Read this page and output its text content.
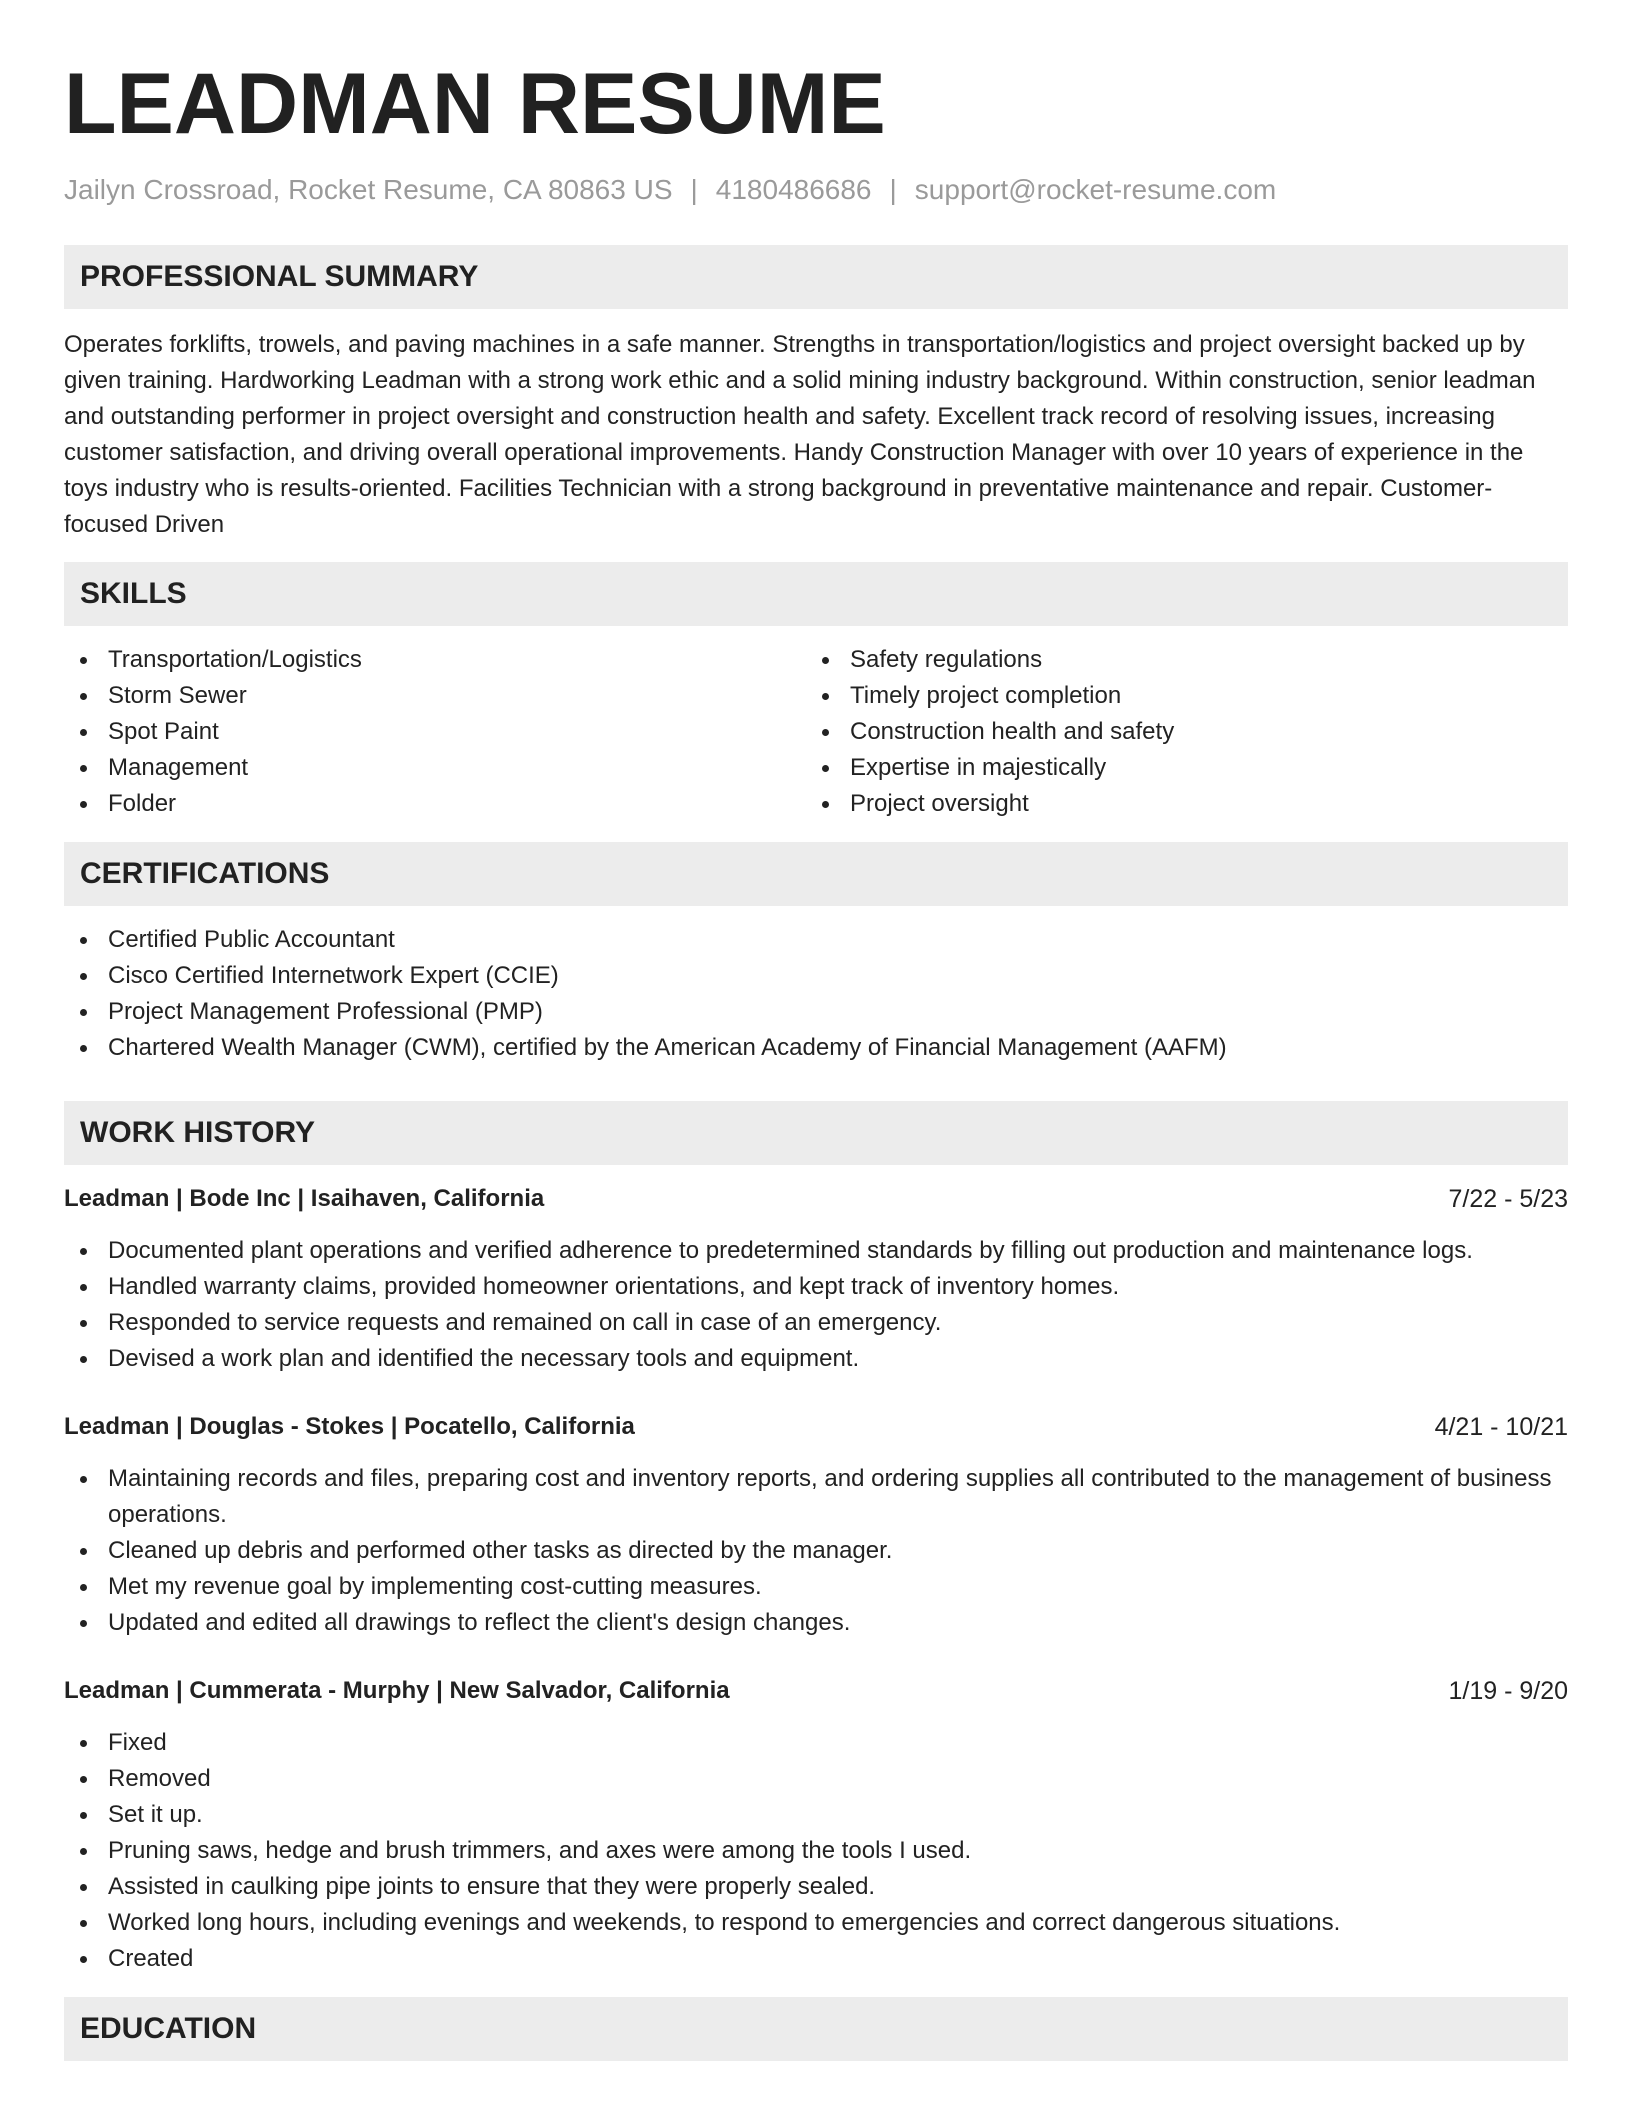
LEADMAN RESUME
Jailyn Crossroad, Rocket Resume, CA 80863 US | 4180486686 | support@rocket-resume.com
PROFESSIONAL SUMMARY

Operates forklifts, trowels, and paving machines in a safe manner. Strengths in transportation/logistics and project oversight backed up by given training. Hardworking Leadman with a strong work ethic and a solid mining industry background. Within construction, senior leadman and outstanding performer in project oversight and construction health and safety. Excellent track record of resolving issues, increasing customer satisfaction, and driving overall operational improvements. Handy Construction Manager with over 10 years of experience in the toys industry who is results-oriented. Facilities Technician with a strong background in preventative maintenance and repair. Customer-focused Driven

SKILLS
Transportation/Logistics
Storm Sewer
Spot Paint
Management
Folder
Safety regulations
Timely project completion
Construction health and safety
Expertise in majestically
Project oversight
CERTIFICATIONS
Certified Public Accountant
Cisco Certified Internetwork Expert (CCIE)
Project Management Professional (PMP)
Chartered Wealth Manager (CWM), certified by the American Academy of Financial Management (AAFM)
WORK HISTORY
Leadman | Bode Inc | Isaihaven, California	7/22 - 5/23
Documented plant operations and verified adherence to predetermined standards by filling out production and maintenance logs.
Handled warranty claims, provided homeowner orientations, and kept track of inventory homes.
Responded to service requests and remained on call in case of an emergency.
Devised a work plan and identified the necessary tools and equipment.
Leadman | Douglas - Stokes | Pocatello, California	4/21 - 10/21
Maintaining records and files, preparing cost and inventory reports, and ordering supplies all contributed to the management of business operations.
Cleaned up debris and performed other tasks as directed by the manager.
Met my revenue goal by implementing cost-cutting measures.
Updated and edited all drawings to reflect the client's design changes.
Leadman | Cummerata - Murphy | New Salvador, California	1/19 - 9/20
Fixed
Removed
Set it up.
Pruning saws, hedge and brush trimmers, and axes were among the tools I used.
Assisted in caulking pipe joints to ensure that they were properly sealed.
Worked long hours, including evenings and weekends, to respond to emergencies and correct dangerous situations.
Created
EDUCATION
